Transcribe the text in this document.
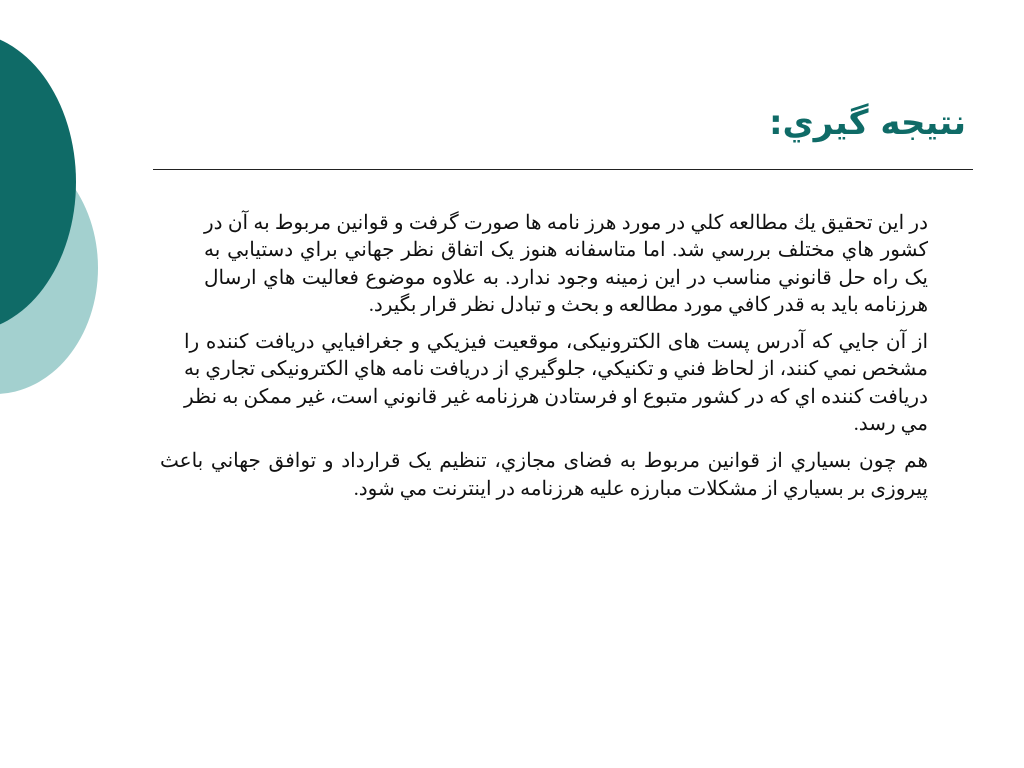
نتيجه گيري:

در اين تحقيق يك مطالعه كلي در مورد هرز نامه ها صورت گرفت و قوانين مربوط به آن در كشور هاي مختلف بررسي شد. اما متاسفانه هنوز يک اتفاق نظر جهاني براي دستيابي به يک راه حل قانوني مناسب در اين زمينه وجود ندارد. به علاوه موضوع فعاليت هاي ارسال هرزنامه بايد به قدر کافي مورد مطالعه و بحث و تبادل نظر قرار بگيرد.

از آن جايي که آدرس پست های الكترونيكی، موقعيت فيزيکي و جغرافيايي دريافت کننده را مشخص نمي کنند، از لحاظ فني و تکنيکي، جلوگيري از دريافت نامه هاي الكترونيكی تجاري به دريافت کننده اي که در کشور متبوع او فرستادن هرزنامه غير قانوني است، غير ممکن به نظر مي رسد.

هم چون بسياري از قوانين مربوط به فضای مجازي، تنظيم يک قرارداد و توافق جهاني باعث پيروزی بر بسياري از مشکلات مبارزه عليه هرزنامه در اينترنت مي شود.
